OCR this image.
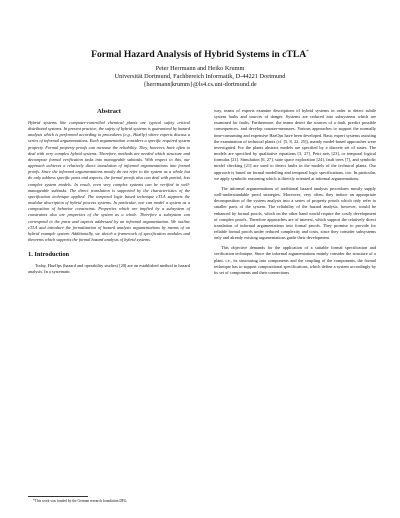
Formal Hazard Analysis of Hybrid Systems in cTLA*
Peter Herrmann and Heiko Krumm
Universität Dortmund, Fachbereich Informatik, D-44221 Dortmund
{herrmann|krumm}@ls4.cs.uni-dortmund.de
Abstract

Hybrid systems like computer-controlled chemical plants are typical safety critical distributed systems. In present practice, the safety of hybrid systems is guaranteed by hazard analysis which is performed according to procedures (e.g., HazOp) where experts discuss a series of informal argumentations. Each argumentation considers a specific required system property. Formal property proofs can increase the reliability. They, however, have often to deal with very complex hybrid systems. Therefore, methods are needed which structure and decompose formal verification tasks into manageable subtasks. With respect to this, our approach achieves a relatively direct translation of informal argumentations into formal proofs. Since the informal argumentations mostly do not refer to the system as a whole but do only address specific parts and aspects, the formal proofs also can deal with partial, less complex system models. In result, even very complex systems can be verified in well-manageable subtasks. The direct translation is supported by the characteristics of the specification technique applied. The temporal logic based technique cTLA supports the modular description of hybrid process systems. In particular, one can model a system as a composition of behavior constraints. Properties which are implied by a subsystem of constraints also are properties of the system as a whole. Therefore a subsystem can correspond to the parts and aspects addressed by an informal argumentation. We outline cTLA and introduce the formalization of hazard analysis argumentations by means of an hybrid example system. Additionally, we sketch a framework of specification modules and theorems which supports the formal hazard analysis of hybrid systems.

1. Introduction

Today, HazOps (hazard and operability studies) [20] are an established method in hazard analysis. In a systematic

way, teams of experts examine descriptions of hybrid systems in order to detect subtle system faults and sources of danger. Systems are reduced into subsystems which are examined for faults. Furthermore, the teams detect the sources of a fault, predict possible consequences, and develop counter-measures. Various approaches to support the normally time-consuming and expensive HazOps have been developed. Basic expert systems assisting the examination of technical plants (cf. [5, 8, 22, 25]), mainly model-based approaches were investigated. For the plants abstract models are specified by a discrete set of states. The models are specified by qualitative equations [3, 27], Petri nets [23], or temporal logical formulas [21]. Simulation [6, 27], state space exploration [24], fault trees [7], and symbolic model checking [21] are used to detect faults in the models of the technical plants. Our approach is based on formal modelling and temporal logic specifications, too. In particular, we apply symbolic reasoning which is directly oriented at informal argumentations.

The informal argumentations of traditional hazard analysis procedures mostly supply well-understandable proof strategies. Moreover, very often, they induce an appropriate decomposition of the system analysis into a series of property proofs which only refer to smaller parts of the system. The reliability of the hazard analysis, however, would be enhanced by formal proofs, which on the other hand would require the costly development of complex proofs. Therefore approaches are of interest, which support the relatively direct translation of informal argumentations into formal proofs. They promise to provide for reliable formal proofs under reduced complexity and costs, since they consider subsystems only and already existing argumentations guide their development.

This objective demands for the application of a suitable formal specification and verification technique. Since the informal argumentations mainly consider the structure of a plant, i.e., its structuring into components and the coupling of the components, the formal technique has to support compositional specifications, which define a system accordingly by its set of components and their connections

*This work was funded by the German research foundation DFG.
